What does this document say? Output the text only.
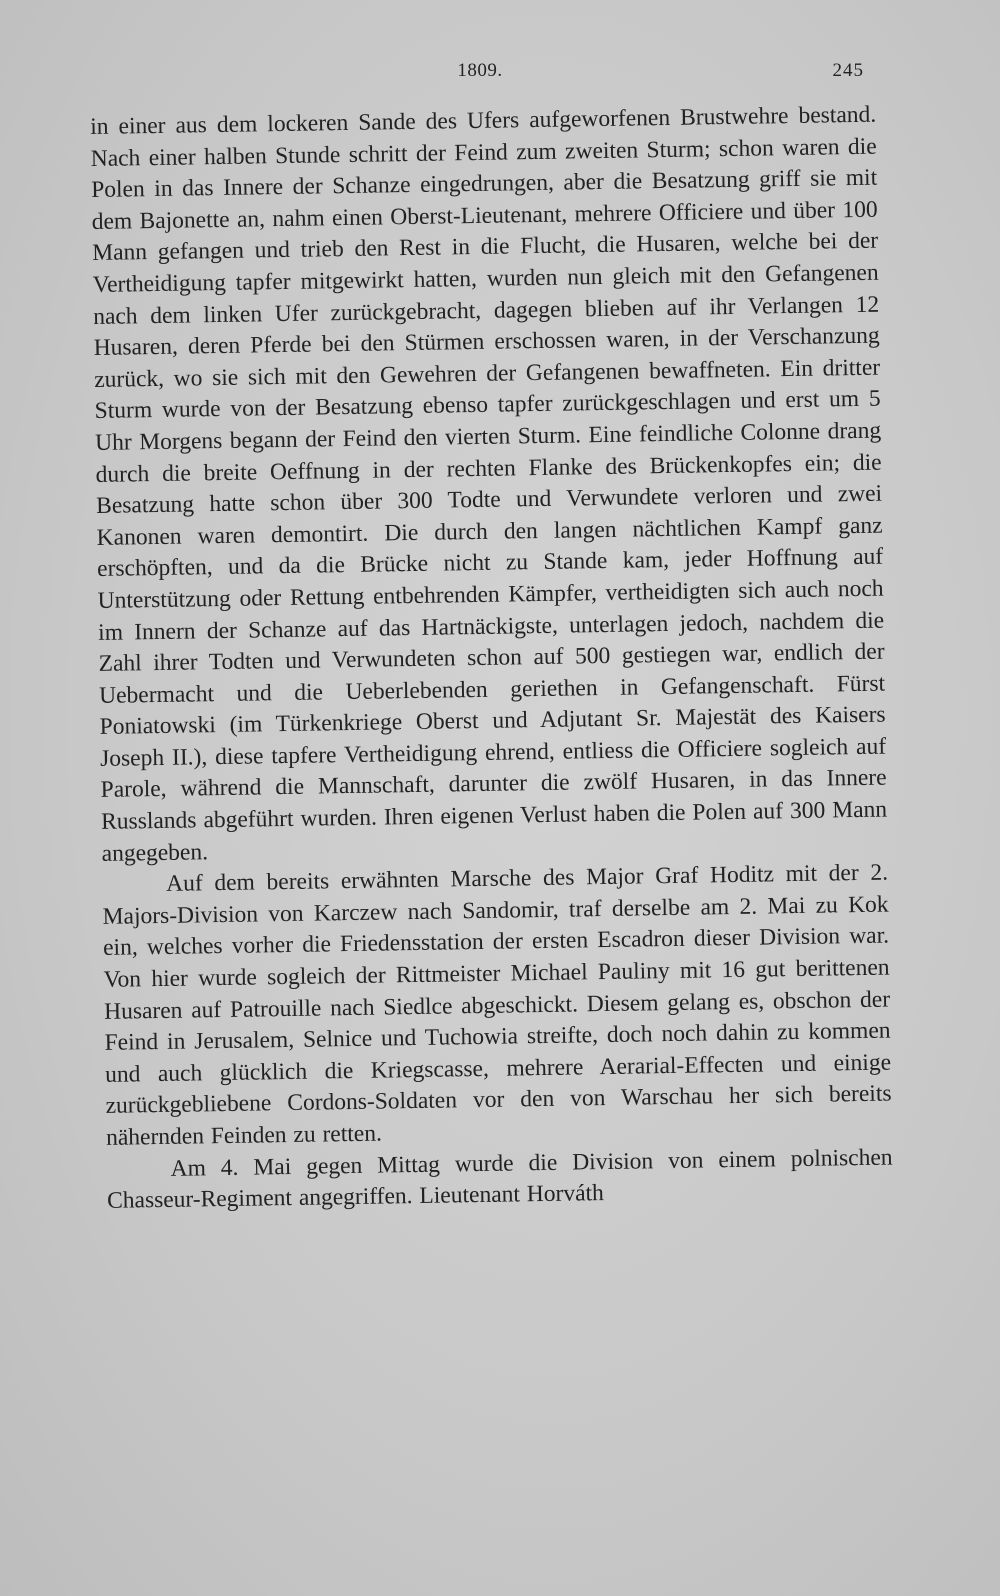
1809.	245

in einer aus dem lockeren Sande des Ufers aufgeworfenen Brustwehre bestand. Nach einer halben Stunde schritt der Feind zum zweiten Sturm; schon waren die Polen in das Innere der Schanze eingedrungen, aber die Besatzung griff sie mit dem Bajonette an, nahm einen Oberst-Lieutenant, mehrere Officiere und über 100 Mann gefangen und trieb den Rest in die Flucht, die Husaren, welche bei der Vertheidigung tapfer mitgewirkt hatten, wurden nun gleich mit den Gefangenen nach dem linken Ufer zurückgebracht, dagegen blieben auf ihr Verlangen 12 Husaren, deren Pferde bei den Stürmen erschossen waren, in der Verschanzung zurück, wo sie sich mit den Gewehren der Gefangenen bewaffneten. Ein dritter Sturm wurde von der Besatzung ebenso tapfer zurückgeschlagen und erst um 5 Uhr Morgens begann der Feind den vierten Sturm. Eine feindliche Colonne drang durch die breite Oeffnung in der rechten Flanke des Brückenkopfes ein; die Besatzung hatte schon über 300 Todte und Verwundete verloren und zwei Kanonen waren demontirt. Die durch den langen nächtlichen Kampf ganz erschöpften, und da die Brücke nicht zu Stande kam, jeder Hoffnung auf Unterstützung oder Rettung entbehrenden Kämpfer, vertheidigten sich auch noch im Innern der Schanze auf das Hartnäckigste, unterlagen jedoch, nachdem die Zahl ihrer Todten und Verwundeten schon auf 500 gestiegen war, endlich der Uebermacht und die Ueberlebenden geriethen in Gefangenschaft. Fürst Poniatowski (im Türkenkriege Oberst und Adjutant Sr. Majestät des Kaisers Joseph II.), diese tapfere Vertheidigung ehrend, entliess die Officiere sogleich auf Parole, während die Mannschaft, darunter die zwölf Husaren, in das Innere Russlands abgeführt wurden. Ihren eigenen Verlust haben die Polen auf 300 Mann angegeben.

Auf dem bereits erwähnten Marsche des Major Graf Hoditz mit der 2. Majors-Division von Karczew nach Sandomir, traf derselbe am 2. Mai zu Kok ein, welches vorher die Friedensstation der ersten Escadron dieser Division war. Von hier wurde sogleich der Rittmeister Michael Pauliny mit 16 gut berittenen Husaren auf Patrouille nach Siedlce abgeschickt. Diesem gelang es, obschon der Feind in Jerusalem, Selnice und Tuchowia streifte, doch noch dahin zu kommen und auch glücklich die Kriegscasse, mehrere Aerarial-Effecten und einige zurückgebliebene Cordons-Soldaten vor den von Warschau her sich bereits nähernden Feinden zu retten.

Am 4. Mai gegen Mittag wurde die Division von einem polnischen Chasseur-Regiment angegriffen. Lieutenant Horváth
